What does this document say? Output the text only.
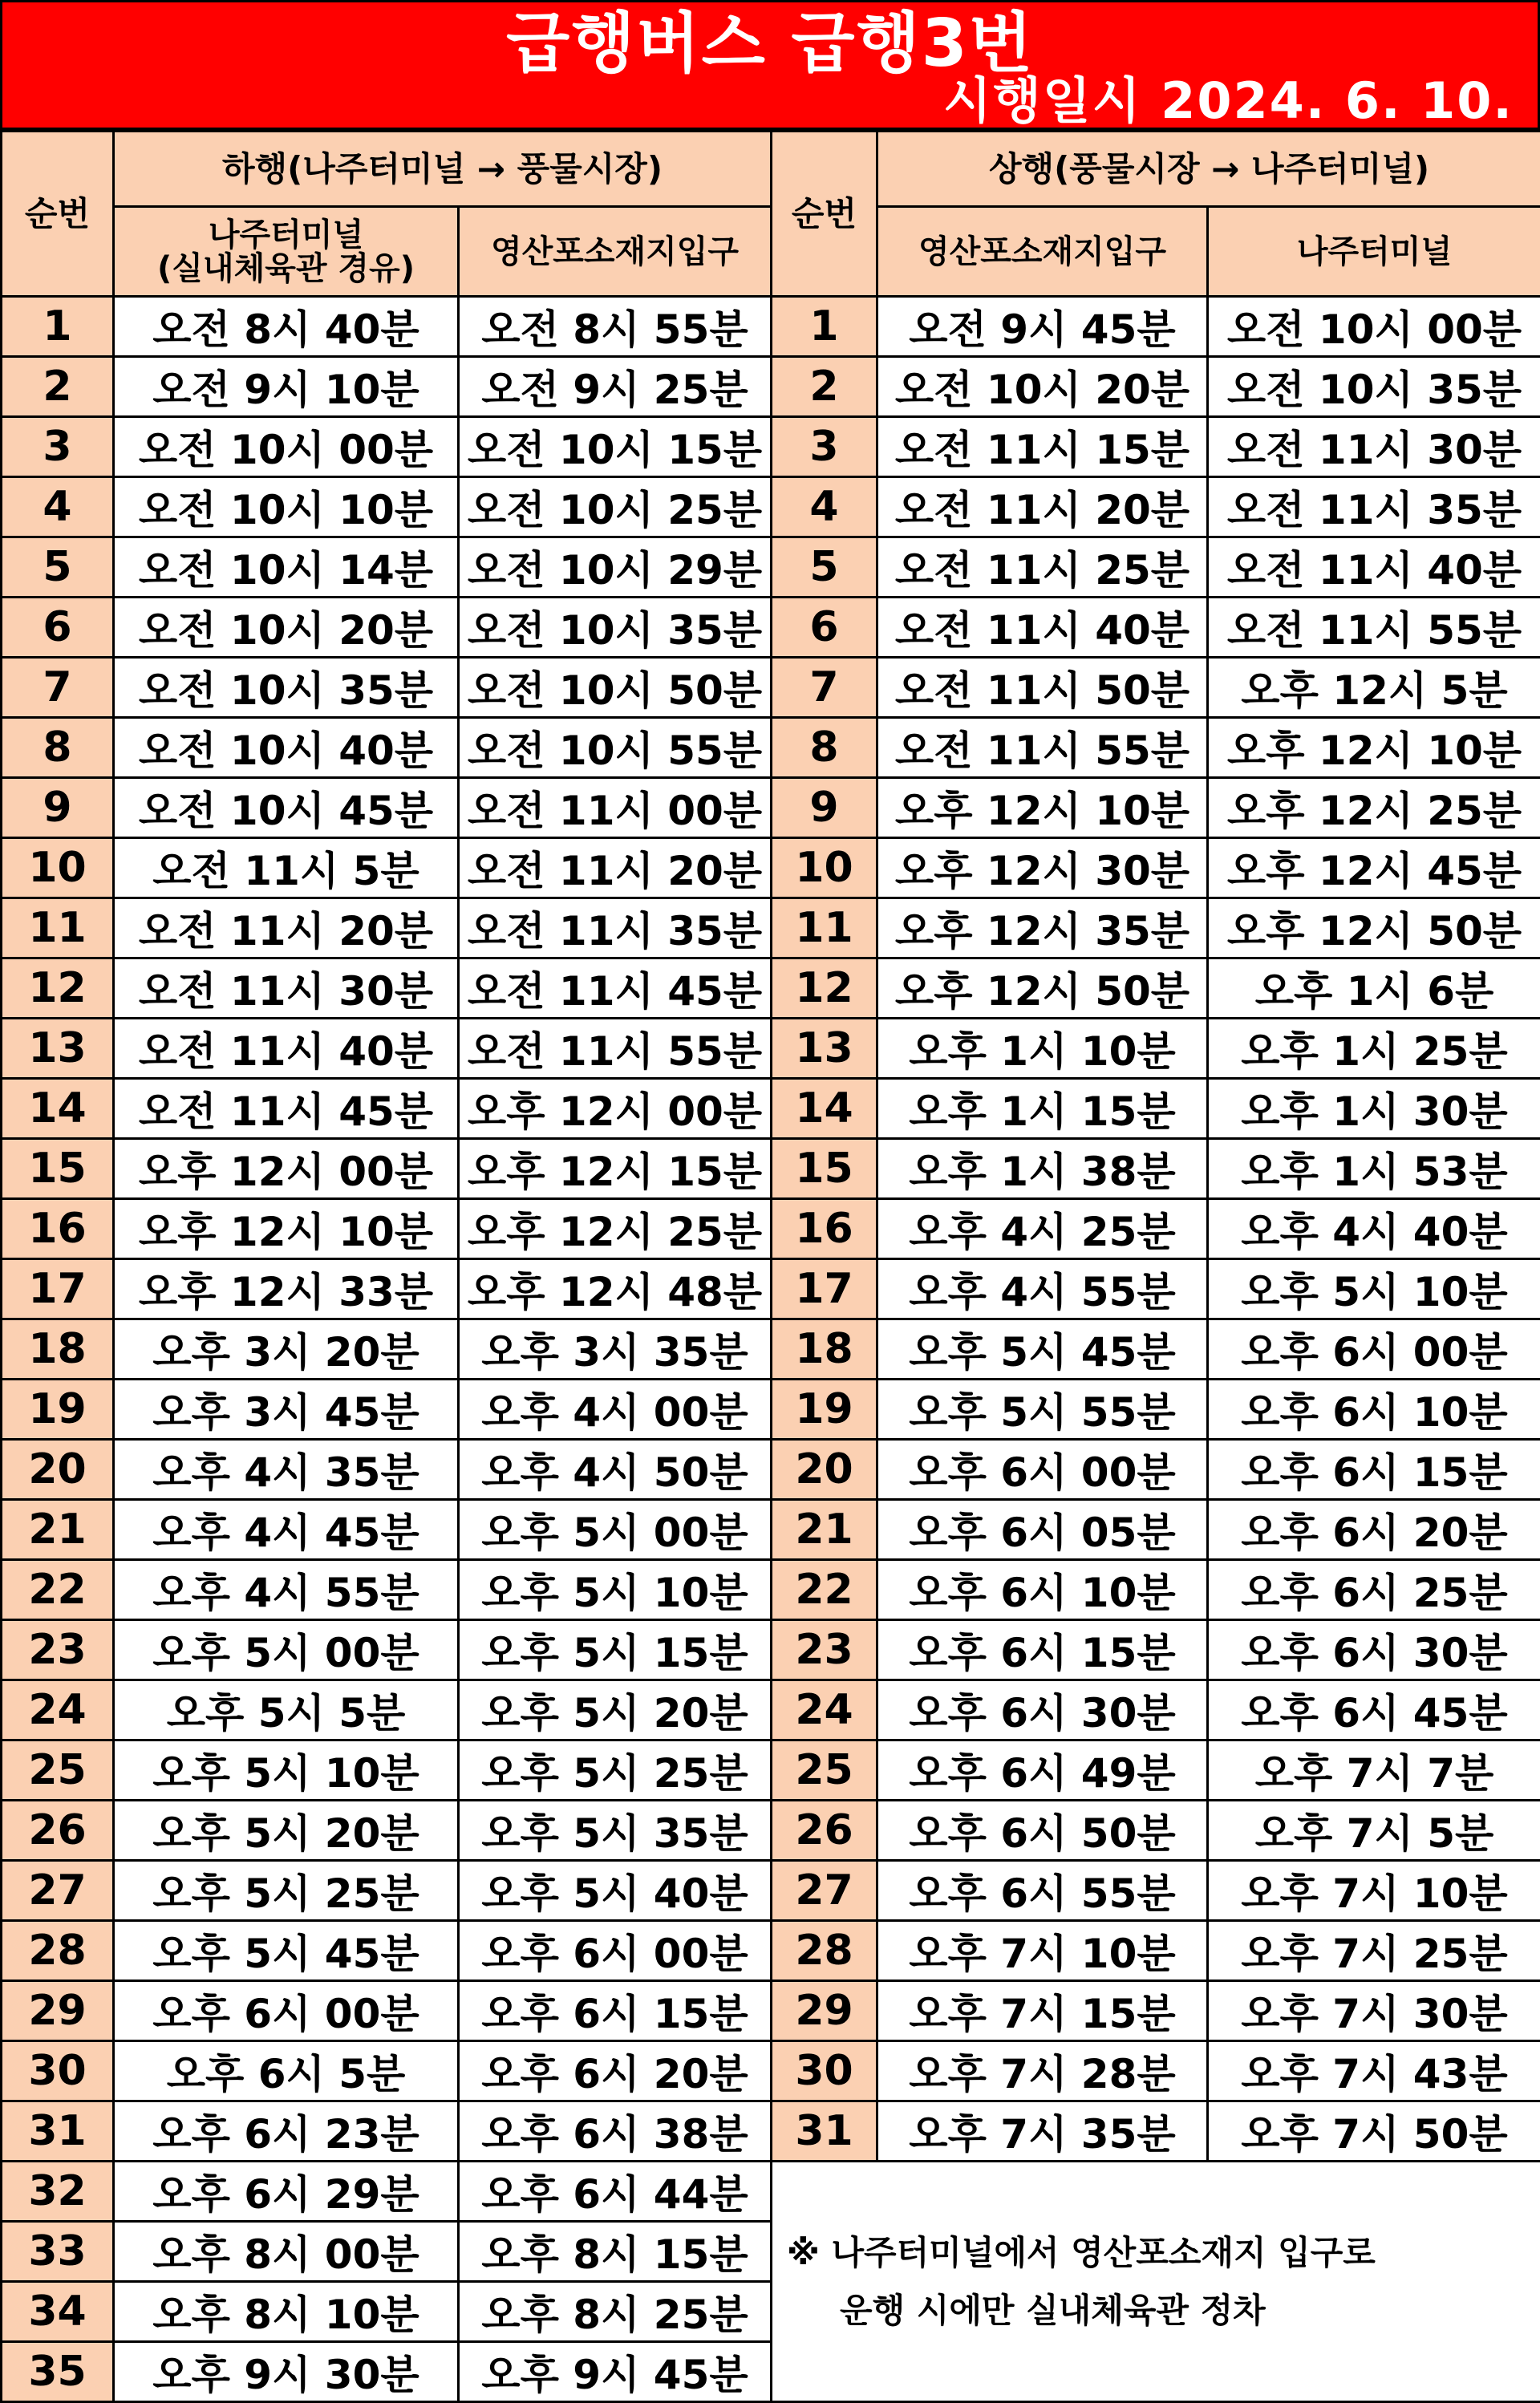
급행버스 급행3번
시행일시 2024. 6. 10.
순번	하행(나주터미널 → 풍물시장)		순번	상행(풍물시장 → 나주터미널)	

	나주터미널
(실내체육관 경유)	영산포소재지입구		영산포소재지입구	나주터미널
1	오전 8시 40분	오전 8시 55분	1	오전 9시 45분	오전 10시 00분
2	오전 9시 10분	오전 9시 25분	2	오전 10시 20분	오전 10시 35분
3	오전 10시 00분	오전 10시 15분	3	오전 11시 15분	오전 11시 30분
4	오전 10시 10분	오전 10시 25분	4	오전 11시 20분	오전 11시 35분
5	오전 10시 14분	오전 10시 29분	5	오전 11시 25분	오전 11시 40분
6	오전 10시 20분	오전 10시 35분	6	오전 11시 40분	오전 11시 55분
7	오전 10시 35분	오전 10시 50분	7	오전 11시 50분	오후 12시 5분
8	오전 10시 40분	오전 10시 55분	8	오전 11시 55분	오후 12시 10분
9	오전 10시 45분	오전 11시 00분	9	오후 12시 10분	오후 12시 25분
10	오전 11시 5분	오전 11시 20분	10	오후 12시 30분	오후 12시 45분
11	오전 11시 20분	오전 11시 35분	11	오후 12시 35분	오후 12시 50분
12	오전 11시 30분	오전 11시 45분	12	오후 12시 50분	오후 1시 6분
13	오전 11시 40분	오전 11시 55분	13	오후 1시 10분	오후 1시 25분
14	오전 11시 45분	오후 12시 00분	14	오후 1시 15분	오후 1시 30분
15	오후 12시 00분	오후 12시 15분	15	오후 1시 38분	오후 1시 53분
16	오후 12시 10분	오후 12시 25분	16	오후 4시 25분	오후 4시 40분
17	오후 12시 33분	오후 12시 48분	17	오후 4시 55분	오후 5시 10분
18	오후 3시 20분	오후 3시 35분	18	오후 5시 45분	오후 6시 00분
19	오후 3시 45분	오후 4시 00분	19	오후 5시 55분	오후 6시 10분
20	오후 4시 35분	오후 4시 50분	20	오후 6시 00분	오후 6시 15분
21	오후 4시 45분	오후 5시 00분	21	오후 6시 05분	오후 6시 20분
22	오후 4시 55분	오후 5시 10분	22	오후 6시 10분	오후 6시 25분
23	오후 5시 00분	오후 5시 15분	23	오후 6시 15분	오후 6시 30분
24	오후 5시 5분	오후 5시 20분	24	오후 6시 30분	오후 6시 45분
25	오후 5시 10분	오후 5시 25분	25	오후 6시 49분	오후 7시 7분
26	오후 5시 20분	오후 5시 35분	26	오후 6시 50분	오후 7시 5분
27	오후 5시 25분	오후 5시 40분	27	오후 6시 55분	오후 7시 10분
28	오후 5시 45분	오후 6시 00분	28	오후 7시 10분	오후 7시 25분
29	오후 6시 00분	오후 6시 15분	29	오후 7시 15분	오후 7시 30분
30	오후 6시 5분	오후 6시 20분	30	오후 7시 28분	오후 7시 43분
31	오후 6시 23분	오후 6시 38분	31	오후 7시 35분	오후 7시 50분
32	오후 6시 29분	오후 6시 44분	※ 나주터미널에서 영산포소재지 입구로
운행 시에만 실내체육관 정차		

33	오후 8시 00분	오후 8시 15분			
34	오후 8시 10분	오후 8시 25분			
35	오후 9시 30분	오후 9시 45분			
